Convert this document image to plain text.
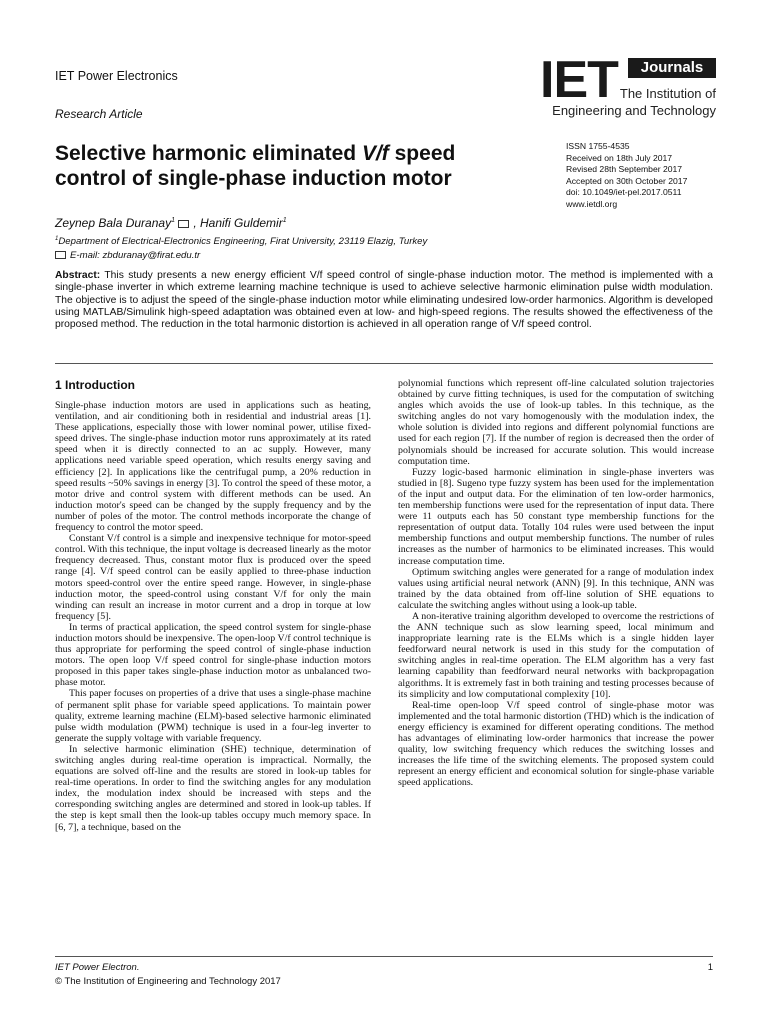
IET Power Electronics
Research Article
IET	Journals
The Institution of
Engineering and Technology
Selective harmonic eliminated V/f speed control of single-phase induction motor
ISSN 1755-4535
Received on 18th July 2017
Revised 28th September 2017
Accepted on 30th October 2017
doi: 10.1049/iet-pel.2017.0511
www.ietdl.org
Zeynep Bala Duranay$^1$ , Hanifi Guldemir$^1$
$^1$Department of Electrical-Electronics Engineering, Firat University, 23119 Elazig, Turkey
E-mail: zbduranay@firat.edu.tr
Abstract: This study presents a new energy efficient V/f speed control of single-phase induction motor. The method is implemented with a single-phase inverter in which extreme learning machine technique is used to achieve selective harmonic elimination pulse width modulation. The objective is to adjust the speed of the single-phase induction motor while eliminating undesired low-order harmonics. Algorithm is developed using MATLAB/Simulink high-speed adaptation was obtained even at low- and high-speed regions. The results showed the effectiveness of the proposed method. The reduction in the total harmonic distortion is achieved in all operation range of V/f speed control.
1 Introduction

Single-phase induction motors are used in applications such as heating, ventilation, and air conditioning both in residential and industrial areas [1]. These applications, especially those with lower nominal power, utilise fixed-speed drives. The single-phase induction motor runs approximately at its rated speed when it is directly connected to an ac supply. However, many applications need variable speed operation, which results energy saving and efficiency [2]. In applications like the centrifugal pump, a 20% reduction in speed results ~50% savings in energy [3]. To control the speed of these motor, a motor drive and control system with different methods can be used. An induction motor's speed can be changed by the supply frequency and by the number of poles of the motor. The control methods incorporate the change of frequency to control the motor speed.

Constant V/f control is a simple and inexpensive technique for motor-speed control. With this technique, the input voltage is decreased linearly as the motor frequency decreased. Thus, constant motor flux is produced over the speed range [4]. V/f speed control can be easily applied to three-phase induction motors speed-control over the entire speed range. However, in single-phase induction motor, the speed-control using constant V/f for only the main winding can result an increase in motor current and a drop in torque at low frequency [5].

In terms of practical application, the speed control system for single-phase induction motors should be inexpensive. The open-loop V/f control technique is thus appropriate for performing the speed control of single-phase induction motors. The open loop V/f speed control for single-phase induction motors proposed in this paper takes single-phase induction motor as unbalanced two-phase motor.

This paper focuses on properties of a drive that uses a single-phase machine of permanent split phase for variable speed applications. To maintain power quality, extreme learning machine (ELM)-based selective harmonic eliminated pulse width modulation (PWM) technique is used in a four-leg inverter to generate the supply voltage with variable frequency.

In selective harmonic elimination (SHE) technique, determination of switching angles during real-time operation is impractical. Normally, the equations are solved off-line and the results are stored in look-up tables for real-time operations. In order to find the switching angles for any modulation index, the modulation index should be increased with steps and the corresponding switching angles are determined and stored in look-up tables. If the step is kept small then the look-up tables occupy much memory space. In [6, 7], a technique, based on the

polynomial functions which represent off-line calculated solution trajectories obtained by curve fitting techniques, is used for the computation of switching angles which avoids the use of look-up tables. In this technique, as the switching angles do not vary homogenously with the modulation index, the whole solution is divided into regions and different polynomial functions are used for each region [7]. If the number of region is decreased then the order of polynomials should be increased for accurate solution. This would increase computation time.

Fuzzy logic-based harmonic elimination in single-phase inverters was studied in [8]. Sugeno type fuzzy system has been used for the implementation of the input and output data. For the elimination of ten low-order harmonics, ten membership functions were used for the representation of input data. There were 11 outputs each has 50 constant type membership functions for the representation of output data. Totally 104 rules were used between the input membership functions and output membership functions. The number of rules increases as the number of harmonics to be eliminated increases. This would increase computation time.

Optimum switching angles were generated for a range of modulation index values using artificial neural network (ANN) [9]. In this technique, ANN was trained by the data obtained from off-line solution of SHE equations to calculate the switching angles without using a look-up table.

A non-iterative training algorithm developed to overcome the restrictions of the ANN technique such as slow learning speed, local minimum and inappropriate learning rate is the ELMs which is a single hidden layer feedforward neural network is used in this study for the computation of switching angles in real-time operation. The ELM algorithm has a very fast learning capability than feedforward neural networks with backpropagation algorithms. It is extremely fast in both training and testing processes because of its simplicity and low computational complexity [10].

Real-time open-loop V/f speed control of single-phase motor was implemented and the total harmonic distortion (THD) which is the indication of energy efficiency is examined for different operating conditions. The method has advantages of eliminating low-order harmonics that increase the power quality, low switching frequency which reduces the switching losses and increases the life time of the switching elements. The proposed system could represent an energy efficient and economical solution for single-phase variable speed applications.

IET Power Electron.
© The Institution of Engineering and Technology 2017
1
